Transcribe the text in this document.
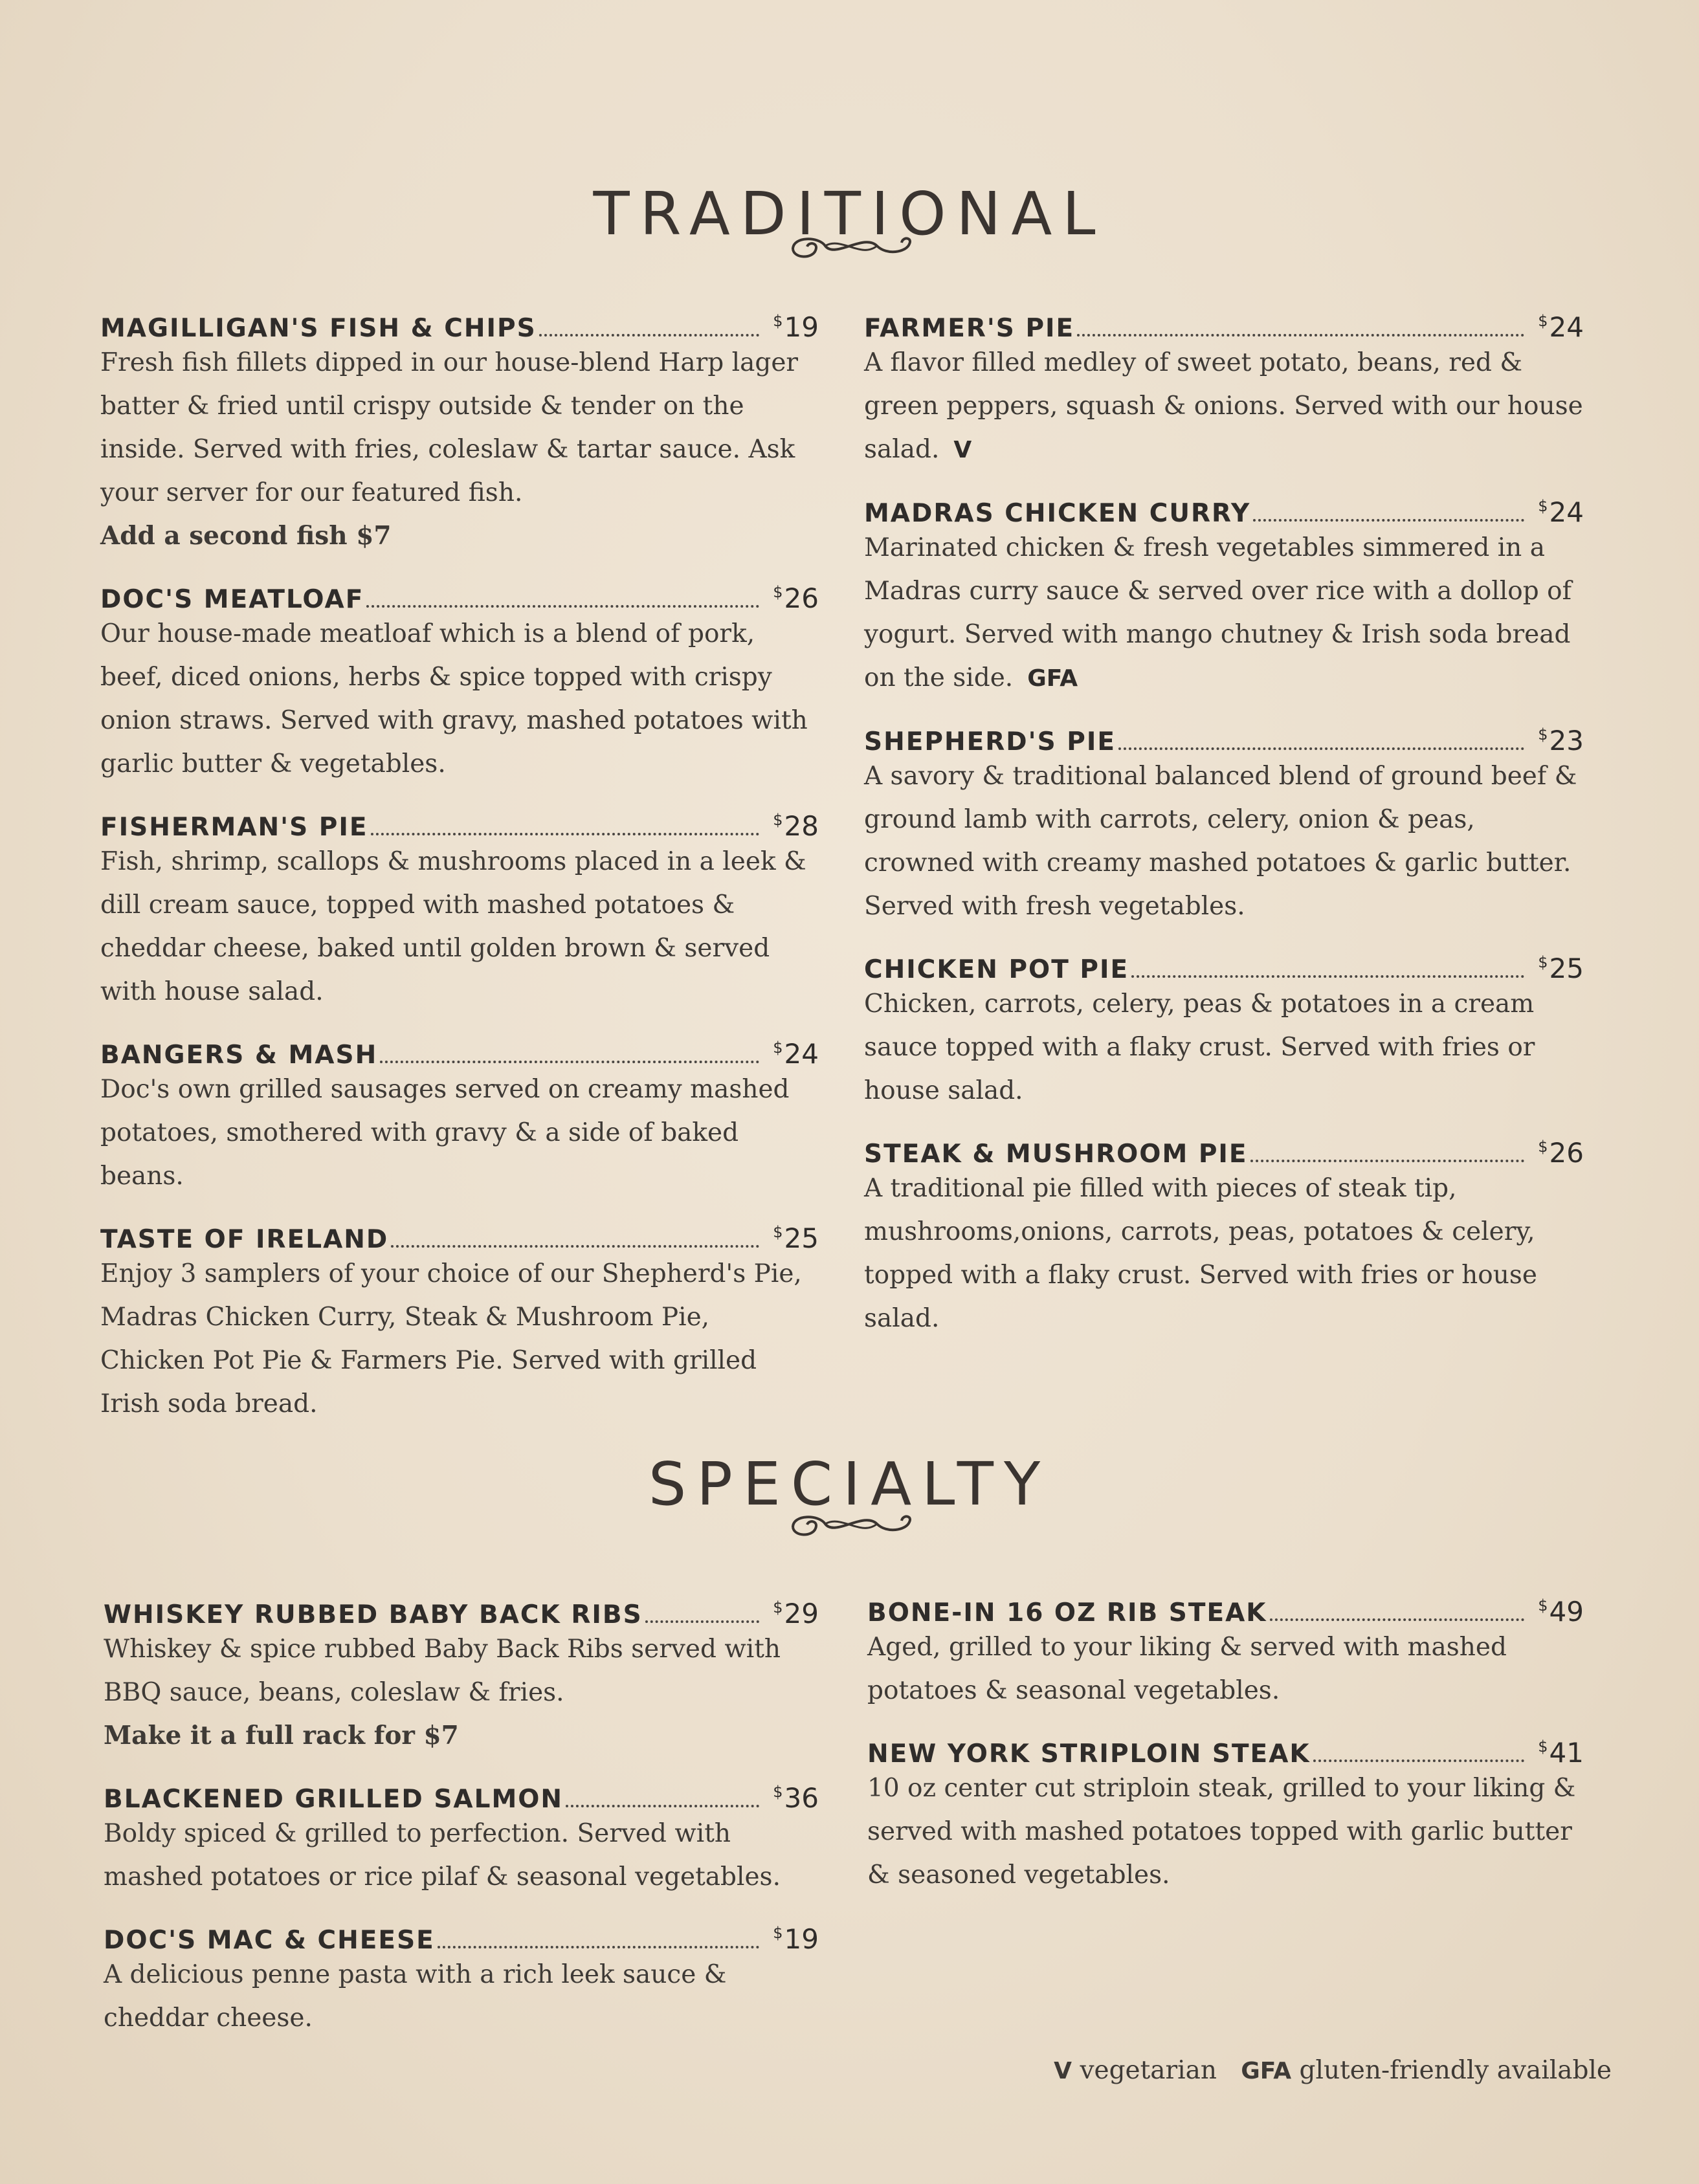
TRADITIONAL
MAGILLIGAN'S FISH & CHIPS	$19
Fresh fish fillets dipped in our house-blend Harp lager batter & fried until crispy outside & tender on the inside. Served with fries, coleslaw & tartar sauce. Ask your server for our featured fish.
Add a second fish $7
DOC'S MEATLOAF	$26
Our house-made meatloaf which is a blend of pork, beef, diced onions, herbs & spice topped with crispy onion straws. Served with gravy, mashed potatoes with garlic butter & vegetables.
FISHERMAN'S PIE	$28
Fish, shrimp, scallops & mushrooms placed in a leek & dill cream sauce, topped with mashed potatoes & cheddar cheese, baked until golden brown & served with house salad.
BANGERS & MASH	$24
Doc's own grilled sausages served on creamy mashed potatoes, smothered with gravy & a side of baked beans.
TASTE OF IRELAND	$25
Enjoy 3 samplers of your choice of our Shepherd's Pie, Madras Chicken Curry, Steak & Mushroom Pie, Chicken Pot Pie & Farmers Pie. Served with grilled Irish soda bread.
FARMER'S PIE	$24
A flavor filled medley of sweet potato, beans, red & green peppers, squash & onions. Served with our house salad. V
MADRAS CHICKEN CURRY	$24
Marinated chicken & fresh vegetables simmered in a Madras curry sauce & served over rice with a dollop of yogurt. Served with mango chutney & Irish soda bread on the side. GFA
SHEPHERD'S PIE	$23
A savory & traditional balanced blend of ground beef & ground lamb with carrots, celery, onion & peas, crowned with creamy mashed potatoes & garlic butter. Served with fresh vegetables.
CHICKEN POT PIE	$25
Chicken, carrots, celery, peas & potatoes in a cream sauce topped with a flaky crust. Served with fries or house salad.
STEAK & MUSHROOM PIE	$26
A traditional pie filled with pieces of steak tip, mushrooms,onions, carrots, peas, potatoes & celery, topped with a flaky crust. Served with fries or house salad.
SPECIALTY
WHISKEY RUBBED BABY BACK RIBS	$29
Whiskey & spice rubbed Baby Back Ribs served with BBQ sauce, beans, coleslaw & fries.
Make it a full rack for $7
BLACKENED GRILLED SALMON	$36
Boldy spiced & grilled to perfection. Served with mashed potatoes or rice pilaf & seasonal vegetables.
DOC'S MAC & CHEESE	$19
A delicious penne pasta with a rich leek sauce & cheddar cheese.
BONE-IN 16 OZ RIB STEAK	$49
Aged, grilled to your liking & served with mashed potatoes & seasonal vegetables.
NEW YORK STRIPLOIN STEAK	$41
10 oz center cut striploin steak, grilled to your liking & served with mashed potatoes topped with garlic butter & seasoned vegetables.
V vegetarian GFA gluten-friendly available
